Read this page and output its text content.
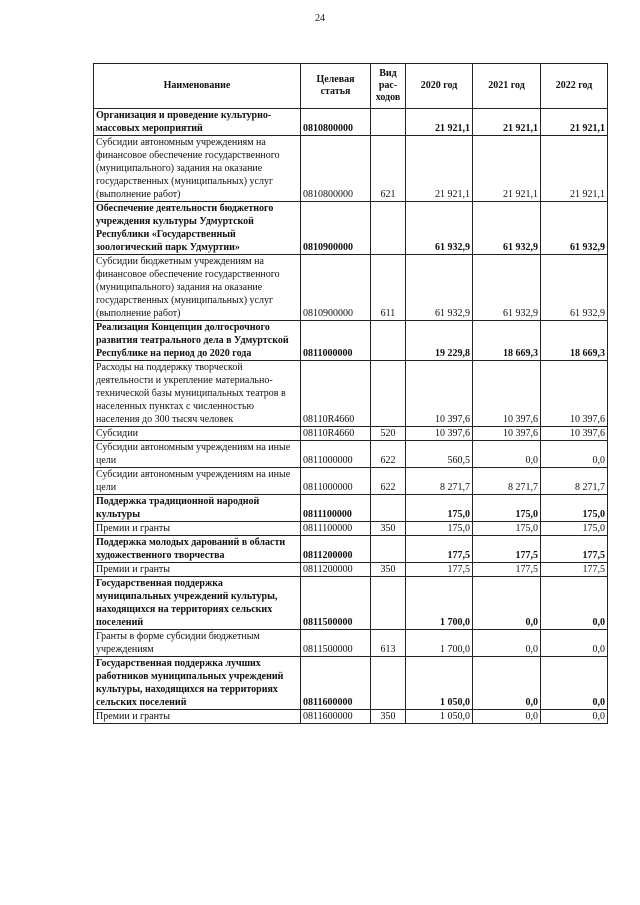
24
Наименование	Целевая статья	Вид рас-ходов	2020 год	2021 год	2022 год
Организация и проведение культурно-массовых мероприятий	0810800000		21 921,1	21 921,1	21 921,1
Субсидии автономным учреждениям на финансовое обеспечение государственного (муниципального) задания на оказание государственных (муниципальных) услуг (выполнение работ)	0810800000	621	21 921,1	21 921,1	21 921,1
Обеспечение деятельности бюджетного учреждения культуры Удмуртской Республики «Государственный зоологический парк Удмуртии»	0810900000		61 932,9	61 932,9	61 932,9
Субсидии бюджетным учреждениям на финансовое обеспечение государственного (муниципального) задания на оказание государственных (муниципальных) услуг (выполнение работ)	0810900000	611	61 932,9	61 932,9	61 932,9
Реализация Концепции долгосрочного развития театрального дела в Удмуртской Республике на период до 2020 года	0811000000		19 229,8	18 669,3	18 669,3
Расходы на поддержку творческой деятельности и укрепление материально-технической базы муниципальных театров в населенных пунктах с численностью населения до 300 тысяч человек	08110R4660		10 397,6	10 397,6	10 397,6
Субсидии	08110R4660	520	10 397,6	10 397,6	10 397,6
Субсидии автономным учреждениям на иные цели	0811000000	622	560,5	0,0	0,0
Субсидии автономным учреждениям на иные цели	0811000000	622	8 271,7	8 271,7	8 271,7
Поддержка традиционной народной культуры	0811100000		175,0	175,0	175,0
Премии и гранты	0811100000	350	175,0	175,0	175,0
Поддержка молодых дарований в области художественного творчества	0811200000		177,5	177,5	177,5
Премии и гранты	0811200000	350	177,5	177,5	177,5
Государственная поддержка муниципальных учреждений культуры, находящихся на территориях сельских поселений	0811500000		1 700,0	0,0	0,0
Гранты в форме субсидии бюджетным учреждениям	0811500000	613	1 700,0	0,0	0,0
Государственная поддержка лучших работников муниципальных учреждений культуры, находящихся на территориях сельских поселений	0811600000		1 050,0	0,0	0,0
Премии и гранты	0811600000	350	1 050,0	0,0	0,0
